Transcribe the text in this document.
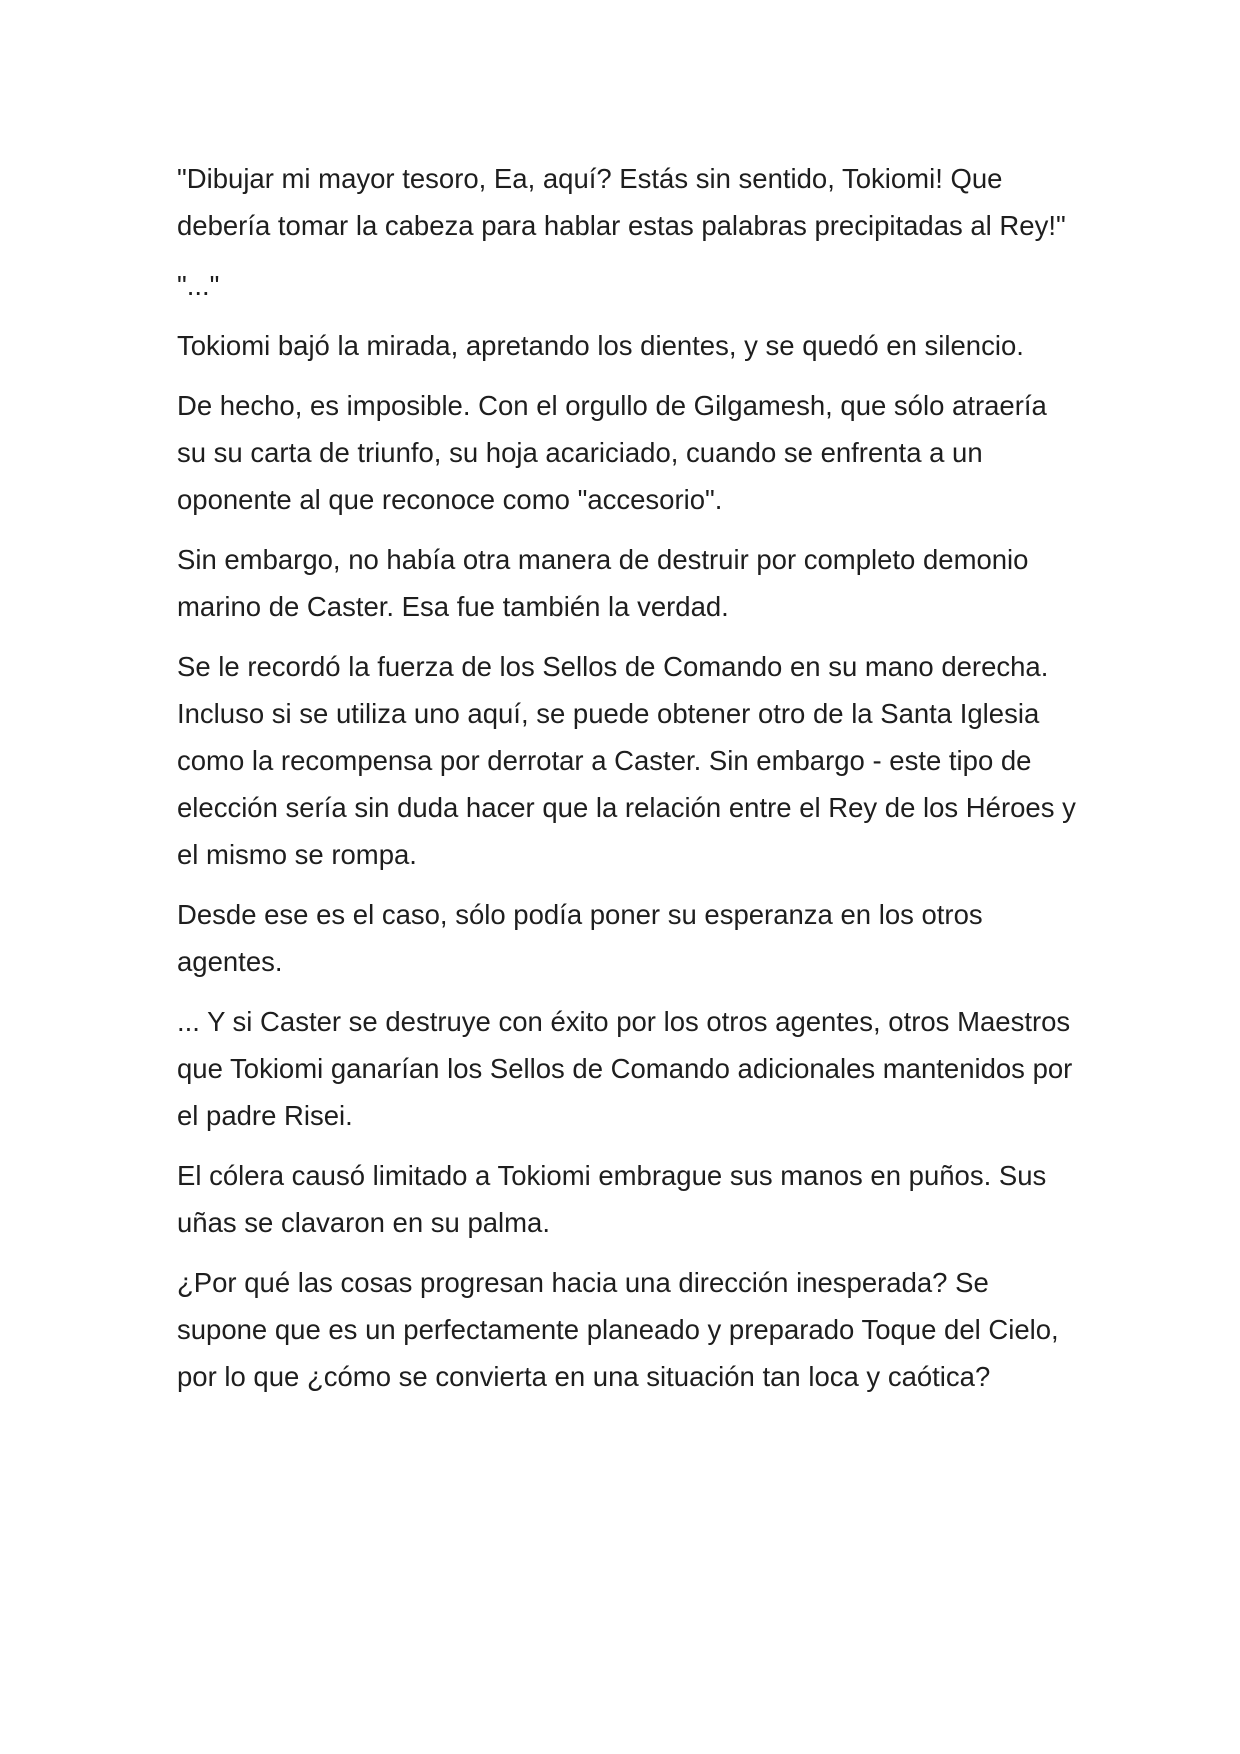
"Dibujar mi mayor tesoro, Ea, aquí? Estás sin sentido, Tokiomi! Que debería tomar la cabeza para hablar estas palabras precipitadas al Rey!"

"..."

Tokiomi bajó la mirada, apretando los dientes, y se quedó en silencio.

De hecho, es imposible. Con el orgullo de Gilgamesh, que sólo atraería su su carta de triunfo, su hoja acariciado, cuando se enfrenta a un oponente al que reconoce como "accesorio".

Sin embargo, no había otra manera de destruir por completo demonio marino de Caster. Esa fue también la verdad.

Se le recordó la fuerza de los Sellos de Comando en su mano derecha. Incluso si se utiliza uno aquí, se puede obtener otro de la Santa Iglesia como la recompensa por derrotar a Caster. Sin embargo - este tipo de elección sería sin duda hacer que la relación entre el Rey de los Héroes y el mismo se rompa.

Desde ese es el caso, sólo podía poner su esperanza en los otros agentes.

... Y si Caster se destruye con éxito por los otros agentes, otros Maestros que Tokiomi ganarían los Sellos de Comando adicionales mantenidos por el padre Risei.

El cólera causó limitado a Tokiomi embrague sus manos en puños. Sus uñas se clavaron en su palma.

¿Por qué las cosas progresan hacia una dirección inesperada? Se supone que es un perfectamente planeado y preparado Toque del Cielo, por lo que ¿cómo se convierta en una situación tan loca y caótica?
